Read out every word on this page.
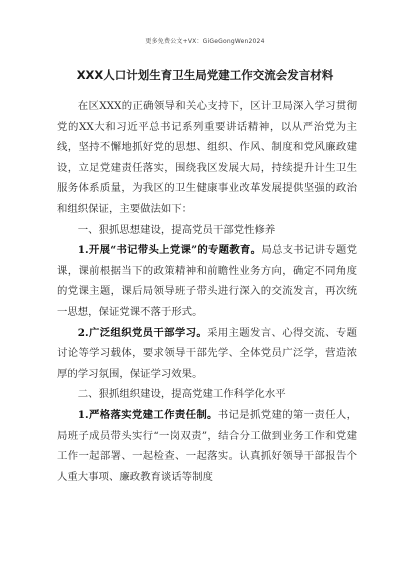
更多免费公文+VX：GiGeGongWen2024
XXX人口计划生育卫生局党建工作交流会发言材料

在区XXX的正确领导和关心支持下，区计卫局深入学习贯彻党的XX大和习近平总书记系列重要讲话精神，以从严治党为主线，坚持不懈地抓好党的思想、组织、作风、制度和党风廉政建设，立足党建责任落实，围绕我区发展大局，持续提升计生卫生服务体系质量，为我区的卫生健康事业改革发展提供坚强的政治和组织保证，主要做法如下：

一、狠抓思想建设，提高党员干部党性修养

1.开展“书记带头上党课”的专题教育。局总支书记讲专题党课，课前根据当下的政策精神和前瞻性业务方向，确定不同角度的党课主题，课后局领导班子带头进行深入的交流发言，再次统一思想，保证党课不落于形式。

2.广泛组织党员干部学习。采用主题发言、心得交流、专题讨论等学习载体，要求领导干部先学、全体党员广泛学，营造浓厚的学习氛围，保证学习效果。

二、狠抓组织建设，提高党建工作科学化水平

1.严格落实党建工作责任制。书记是抓党建的第一责任人，局班子成员带头实行“一岗双责”，结合分工做到业务工作和党建工作一起部署、一起检查、一起落实。认真抓好领导干部报告个人重大事项、廉政教育谈话等制度
